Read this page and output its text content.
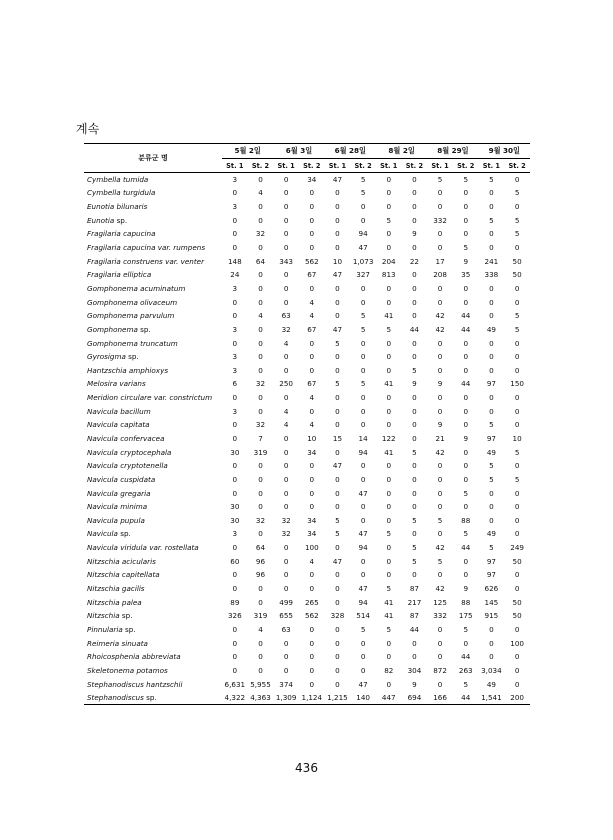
계속
분류군 명	5월 2일		6월 3일		6월 28일		8월 2일		8월 29일		9월 30일	
	St. 1	St. 2	St. 1	St. 2	St. 1	St. 2	St. 1	St. 2	St. 1	St. 2	St. 1	St. 2
Cymbella tumida	3	0	0	34	47	5	0	0	5	5	5	0
Cymbella turgidula	0	4	0	0	0	5	0	0	0	0	0	5
Eunotia bilunaris	3	0	0	0	0	0	0	0	0	0	0	0
Eunotia sp.	0	0	0	0	0	0	5	0	332	0	5	5
Fragilaria capucina	0	32	0	0	0	94	0	9	0	0	0	5
Fragilaria capucina var. rumpens	0	0	0	0	0	47	0	0	0	5	0	0
Fragilaria construens var. venter	148	64	343	562	10	1,073	204	22	17	9	241	50
Fragilaria elliptica	24	0	0	67	47	327	813	0	208	35	338	50
Gomphonema acuminatum	3	0	0	0	0	0	0	0	0	0	0	0
Gomphonema olivaceum	0	0	0	4	0	0	0	0	0	0	0	0
Gomphonema parvulum	0	4	63	4	0	5	41	0	42	44	0	5
Gomphonema sp.	3	0	32	67	47	5	5	44	42	44	49	5
Gomphonema truncatum	0	0	4	0	5	0	0	0	0	0	0	0
Gyrosigma sp.	3	0	0	0	0	0	0	0	0	0	0	0
Hantzschia amphioxys	3	0	0	0	0	0	0	5	0	0	0	0
Melosira varians	6	32	250	67	5	5	41	9	9	44	97	150
Meridion circulare var. constrictum	0	0	0	4	0	0	0	0	0	0	0	0
Navicula bacillum	3	0	4	0	0	0	0	0	0	0	0	0
Navicula capitata	0	32	4	4	0	0	0	0	9	0	5	0
Navicula confervacea	0	7	0	10	15	14	122	0	21	9	97	10
Navicula cryptocephala	30	319	0	34	0	94	41	5	42	0	49	5
Navicula cryptotenella	0	0	0	0	47	0	0	0	0	0	5	0
Navicula cuspidata	0	0	0	0	0	0	0	0	0	0	5	5
Navicula gregaria	0	0	0	0	0	47	0	0	0	5	0	0
Navicula minima	30	0	0	0	0	0	0	0	0	0	0	0
Navicula pupula	30	32	32	34	5	0	0	5	5	88	0	0
Navicula sp.	3	0	32	34	5	47	5	0	0	5	49	0
Navicula viridula var. rostellata	0	64	0	100	0	94	0	5	42	44	5	249
Nitzschia acicularis	60	96	0	4	47	0	0	5	5	0	97	50
Nitzschia capitellata	0	96	0	0	0	0	0	0	0	0	97	0
Nitzschia gacilis	0	0	0	0	0	47	5	87	42	9	626	0
Nitzschia palea	89	0	499	265	0	94	41	217	125	88	145	50
Nitzschia sp.	326	319	655	562	328	514	41	87	332	175	915	50
Pinnularia sp.	0	4	63	0	0	5	5	44	0	5	0	0
Reimeria sinuata	0	0	0	0	0	0	0	0	0	0	0	100
Rhoicosphenia abbreviata	0	0	0	0	0	0	0	0	0	44	0	0
Skeletonema potamos	0	0	0	0	0	0	82	304	872	263	3,034	0
Stephanodiscus hantzschii	6,631	5,955	374	0	0	47	0	9	0	5	49	0
Stephanodiscus sp.	4,322	4,363	1,309	1,124	1,215	140	447	694	166	44	1,541	200
436
